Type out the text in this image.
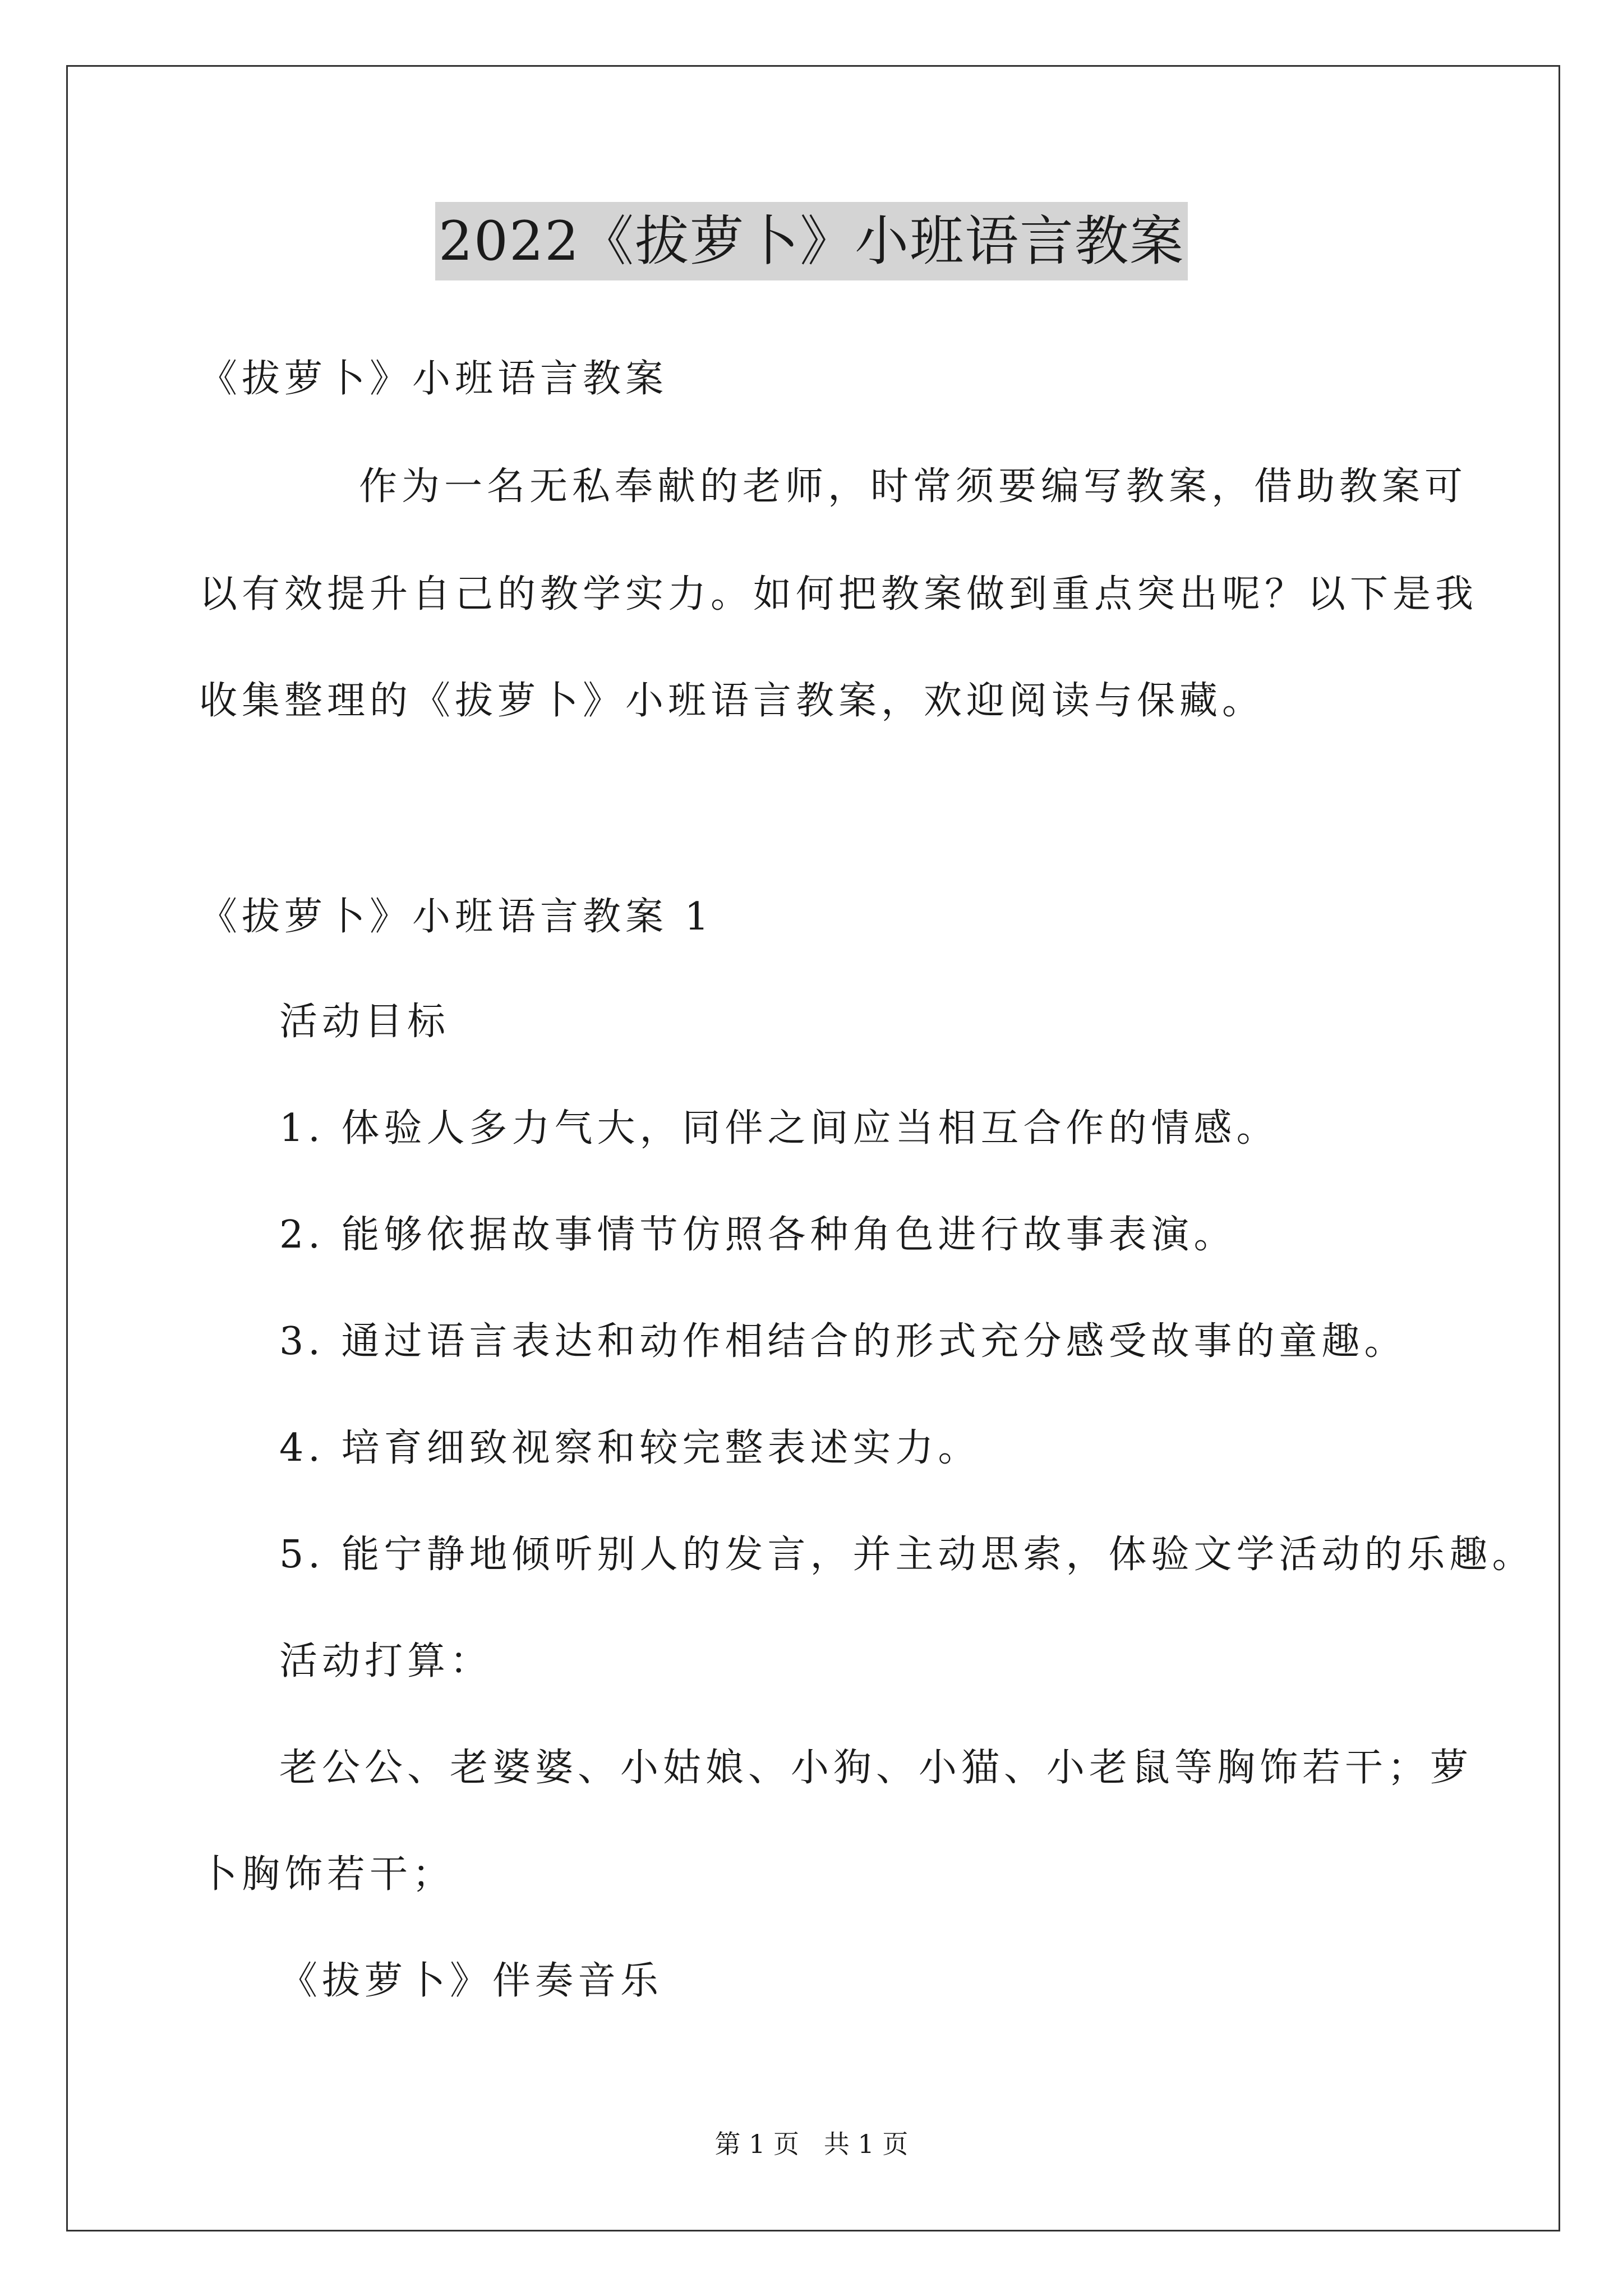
2022《拔萝卜》小班语言教案
《拔萝卜》小班语言教案
作为一名无私奉献的老师，时常须要编写教案，借助教案可
以有效提升自己的教学实力。如何把教案做到重点突出呢？以下是我
收集整理的《拔萝卜》小班语言教案，欢迎阅读与保藏。
《拔萝卜》小班语言教案 1
活动目标
1. 体验人多力气大，同伴之间应当相互合作的情感。
2. 能够依据故事情节仿照各种角色进行故事表演。
3. 通过语言表达和动作相结合的形式充分感受故事的童趣。
4. 培育细致视察和较完整表述实力。
5. 能宁静地倾听别人的发言，并主动思索，体验文学活动的乐趣。
活动打算：
老公公、老婆婆、小姑娘、小狗、小猫、小老鼠等胸饰若干；萝
卜胸饰若干；
《拔萝卜》伴奏音乐
第 1 页   共 1 页
